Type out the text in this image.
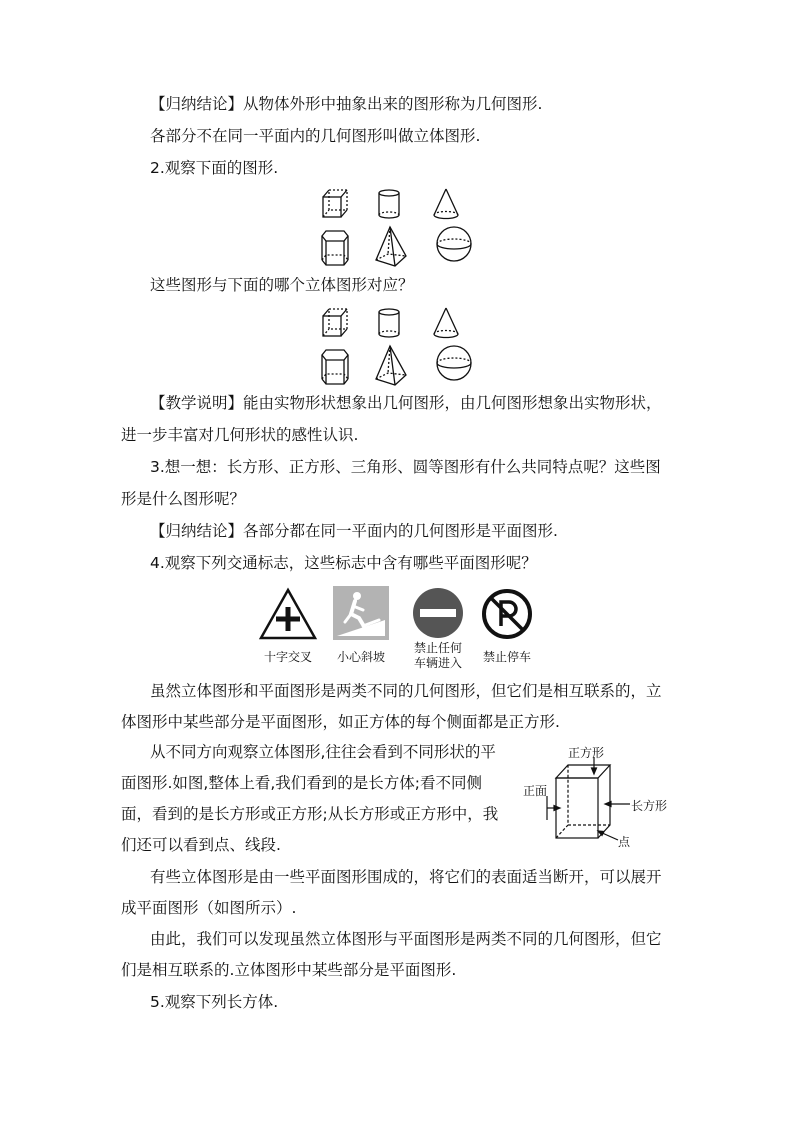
【归纳结论】从物体外形中抽象出来的图形称为几何图形.
各部分不在同一平面内的几何图形叫做立体图形.
2.观察下面的图形.
这些图形与下面的哪个立体图形对应？
【教学说明】能由实物形状想象出几何图形，由几何图形想象出实物形状，
进一步丰富对几何形状的感性认识.
3.想一想：长方形、正方形、三角形、圆等图形有什么共同特点呢？这些图
形是什么图形呢？
【归纳结论】各部分都在同一平面内的几何图形是平面图形.
4.观察下列交通标志，这些标志中含有哪些平面图形呢？
十字交叉	小心斜坡
禁止任何
车辆进入	禁止停车
虽然立体图形和平面图形是两类不同的几何图形，但它们是相互联系的，立
体图形中某些部分是平面图形，如正方体的每个侧面都是正方形.
从不同方向观察立体图形,往往会看到不同形状的平
面图形.如图,整体上看,我们看到的是长方体;看不同侧
面，看到的是长方形或正方形;从长方形或正方形中，我
们还可以看到点、线段.
正方形
正面
长方形
点
有些立体图形是由一些平面图形围成的，将它们的表面适当断开，可以展开
成平面图形（如图所示）.
由此，我们可以发现虽然立体图形与平面图形是两类不同的几何图形，但它
们是相互联系的.立体图形中某些部分是平面图形.
5.观察下列长方体.
